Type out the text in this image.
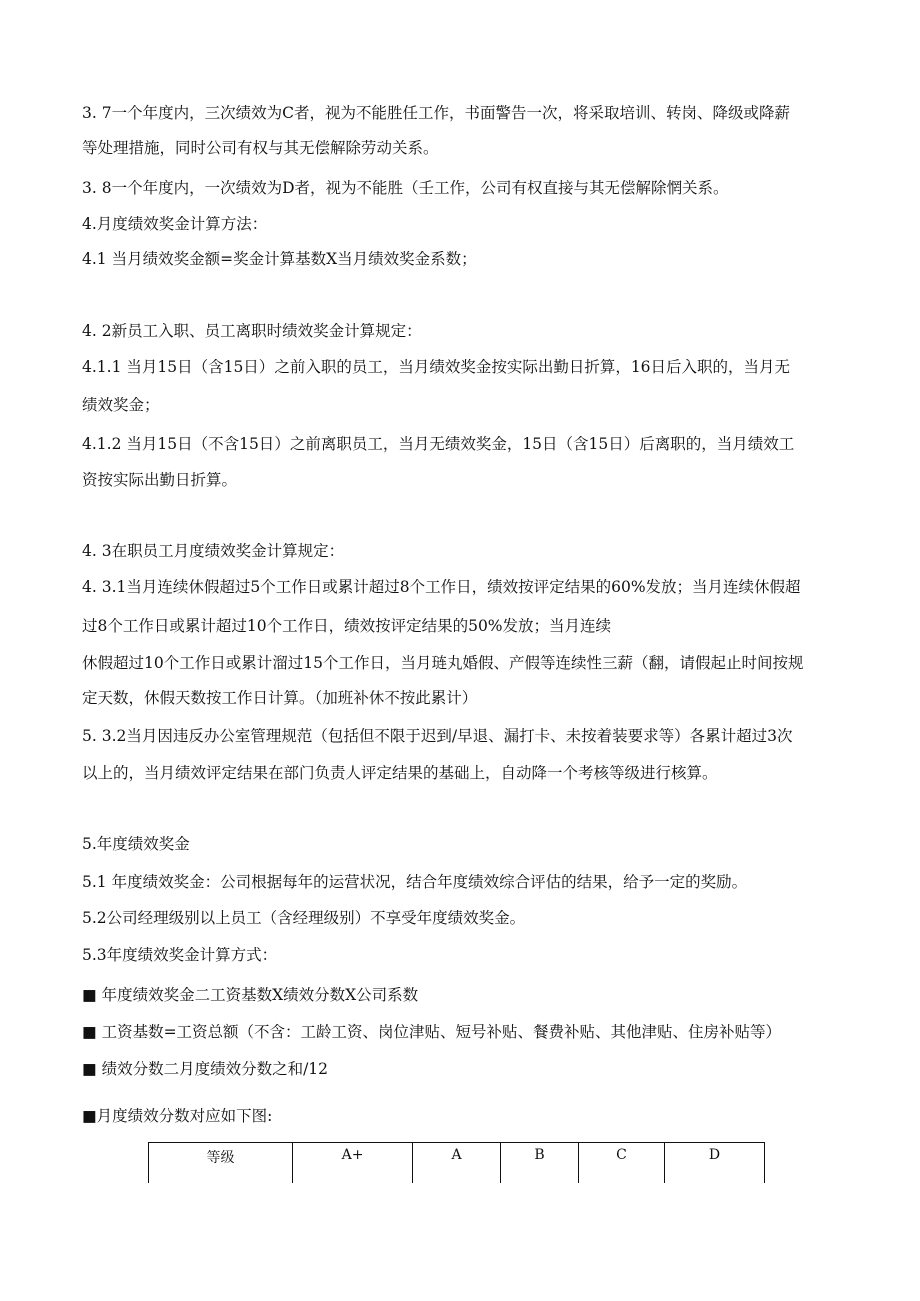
3. 7一个年度内，三次绩效为C者，视为不能胜任工作，书面警告一次，将采取培训、转岗、降级或降薪

等处理措施，同时公司有权与其无偿解除劳动关系。

3. 8一个年度内，一次绩效为D者，视为不能胜（壬工作，公司有权直接与其无偿解除惘关系。

4.月度绩效奖金计算方法：

4.1 当月绩效奖金额=奖金计算基数X当月绩效奖金系数；

4. 2新员工入职、员工离职时绩效奖金计算规定：

4.1.1 当月15日（含15日）之前入职的员工，当月绩效奖金按实际出勤日折算，16日后入职的，当月无

绩效奖金；

4.1.2 当月15日（不含15日）之前离职员工，当月无绩效奖金，15日（含15日）后离职的，当月绩效工

资按实际出勤日折算。

4. 3在职员工月度绩效奖金计算规定：

4. 3.1当月连续休假超过5个工作日或累计超过8个工作日，绩效按评定结果的60%发放；当月连续休假超

过8个工作日或累计超过10个工作日，绩效按评定结果的50%发放；当月连续

休假超过10个工作日或累计溜过15个工作日，当月琏丸婚假、产假等连续性三薪（翻，请假起止时间按规

定天数，休假天数按工作日计算。（加班补休不按此累计）

5. 3.2当月因违反办公室管理规范（包括但不限于迟到/早退、漏打卡、未按着装要求等）各累计超过3次

以上的，当月绩效评定结果在部门负责人评定结果的基础上，自动降一个考核等级进行核算。

5.年度绩效奖金

5.1 年度绩效奖金：公司根据每年的运营状况，结合年度绩效综合评估的结果，给予一定的奖励。

5.2公司经理级别以上员工（含经理级别）不享受年度绩效奖金。

5.3年度绩效奖金计算方式：

■ 年度绩效奖金二工资基数X绩效分数X公司系数

■ 工资基数=工资总额（不含：工龄工资、岗位津贴、短号补贴、餐费补贴、其他津贴、住房补贴等）

■ 绩效分数二月度绩效分数之和/12

■月度绩效分数对应如下图:

等级	A+	A	B	C	D
